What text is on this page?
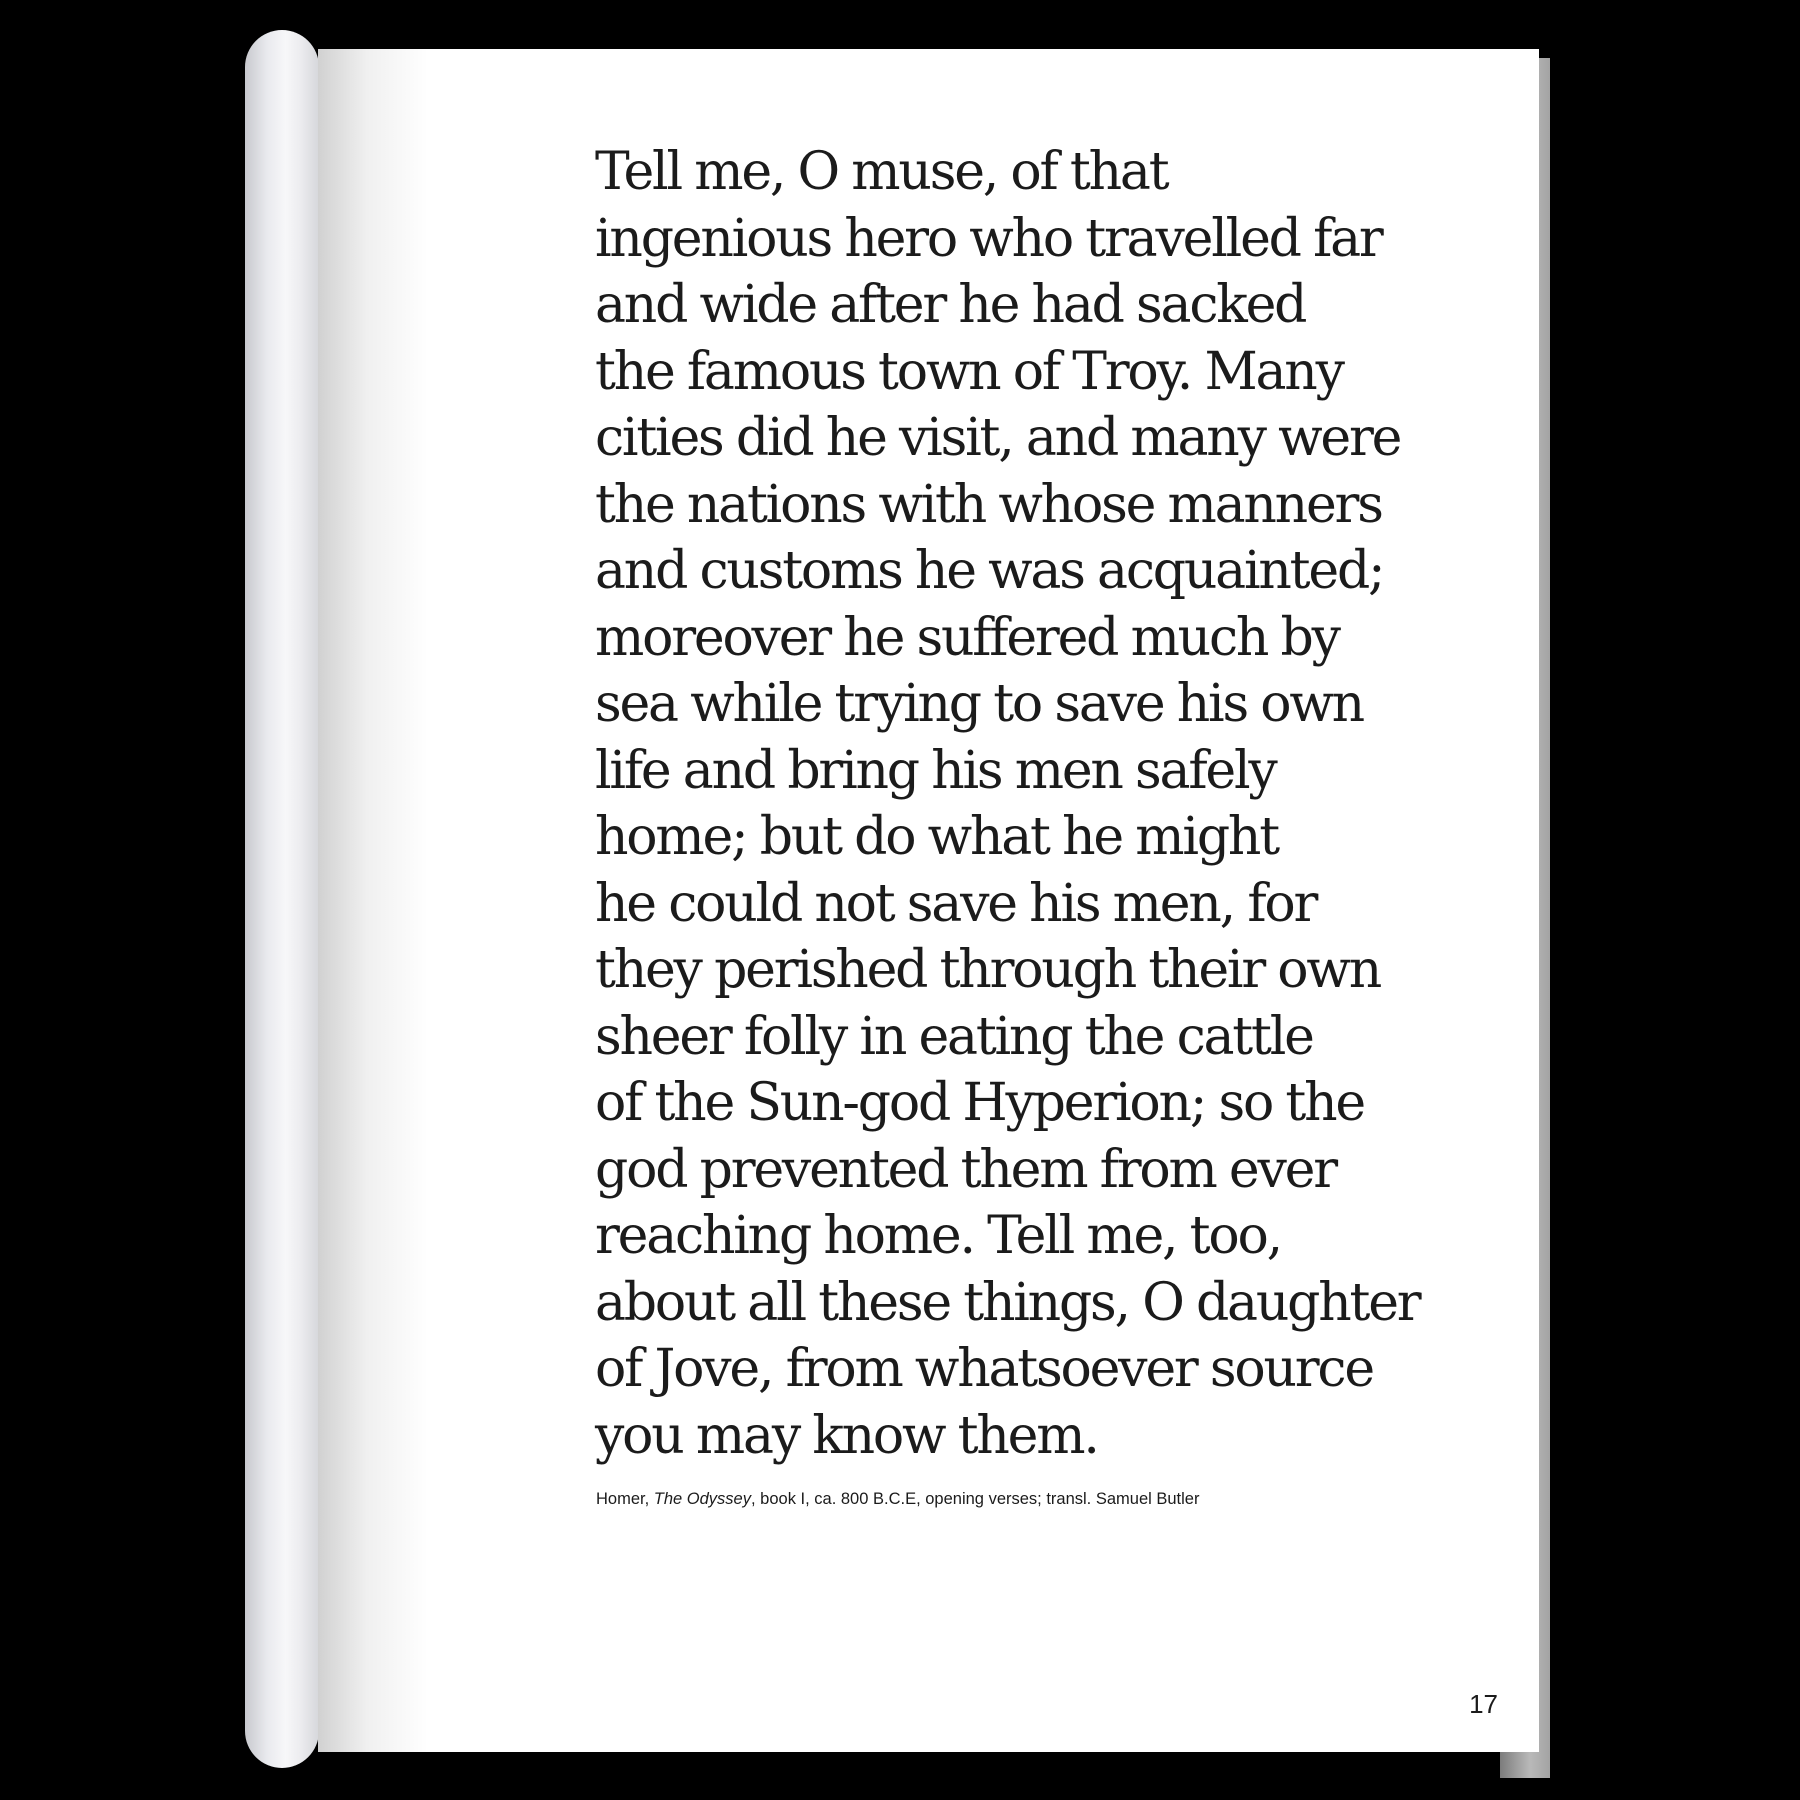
Tell me, O muse, of that
ingenious hero who travelled far
and wide after he had sacked
the famous town of Troy. Many
cities did he visit, and many were
the nations with whose manners
and customs he was acquainted;
moreover he suffered much by
sea while trying to save his own
life and bring his men safely
home; but do what he might
he could not save his men, for
they perished through their own
sheer folly in eating the cattle
of the Sun-god Hyperion; so the
god prevented them from ever
reaching home. Tell me, too,
about all these things, O daughter
of Jove, from whatsoever source
you may know them.

Homer, The Odyssey, book I, ca. 800 B.C.E, opening verses; transl. Samuel Butler

17
